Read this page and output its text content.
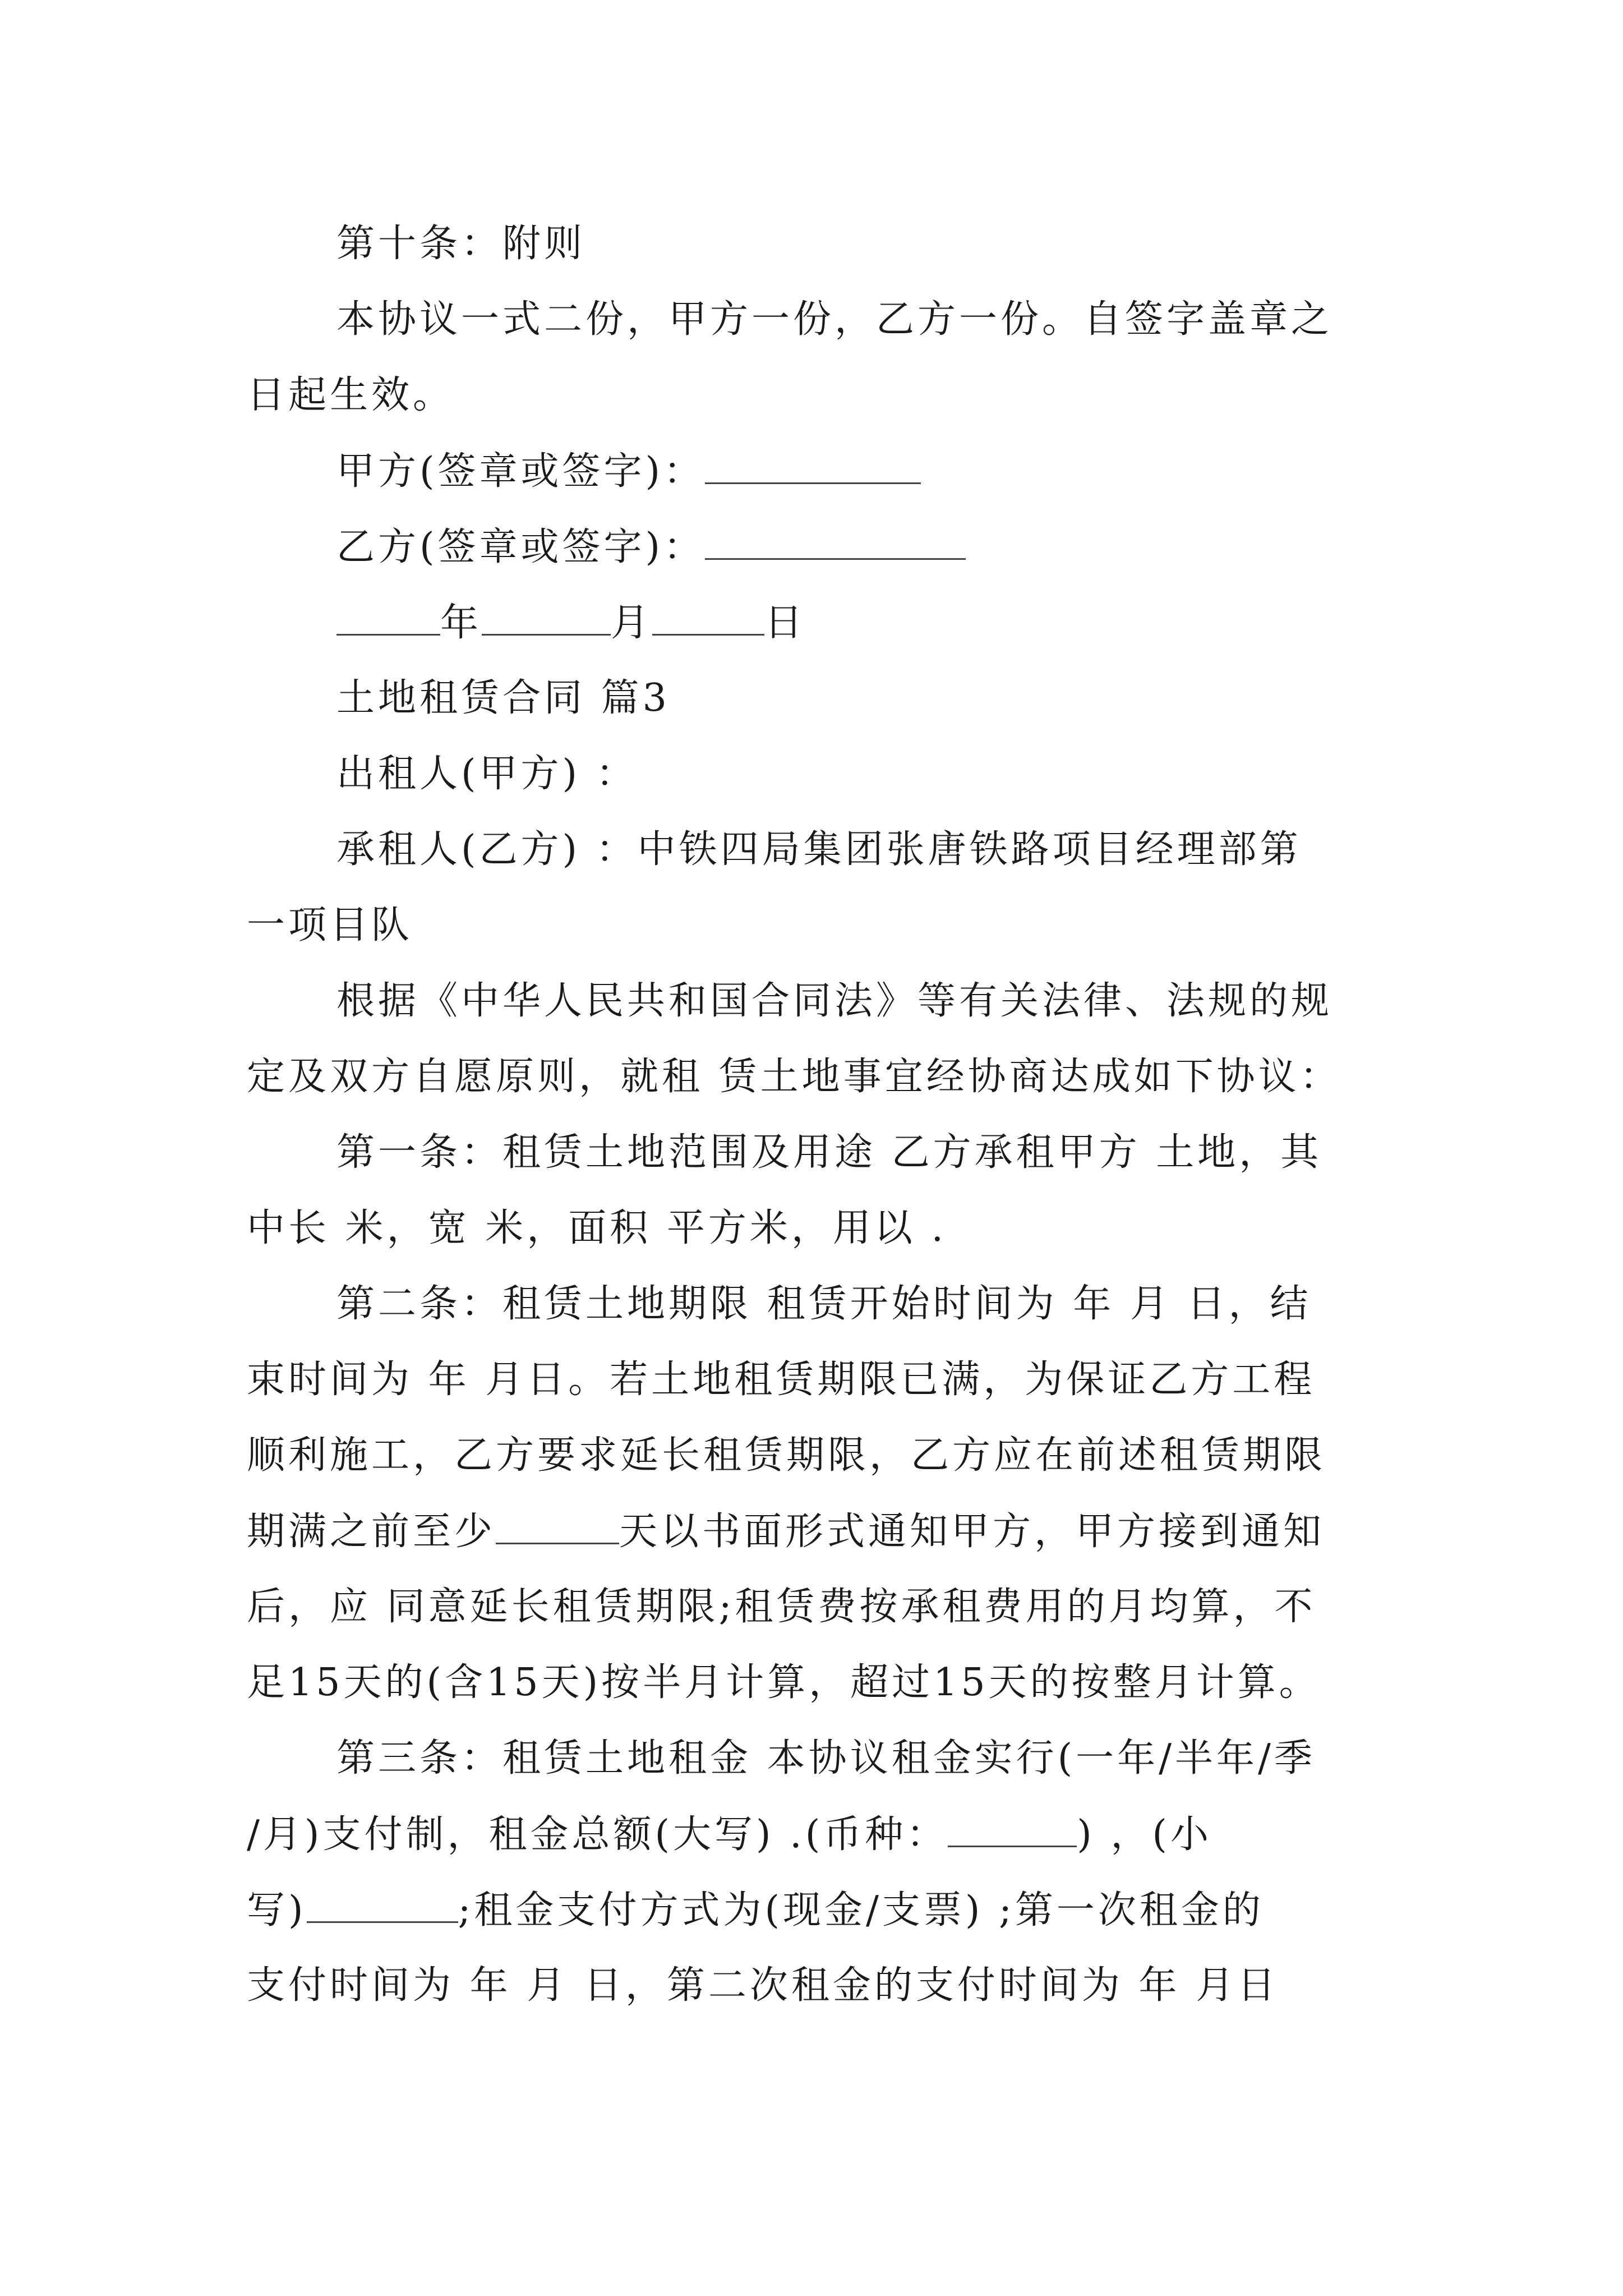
第十条：附则
本协议一式二份，甲方一份，乙方一份。自签字盖章之
日起生效。
甲方(签章或签字)：
乙方(签章或签字)：
年	月	日
土地租赁合同 篇3
出租人(甲方) ：
承租人(乙方) ：中铁四局集团张唐铁路项目经理部第
一项目队
根据《中华人民共和国合同法》等有关法律、法规的规
定及双方自愿原则，就租 赁土地事宜经协商达成如下协议：
第一条：租赁土地范围及用途 乙方承租甲方 土地，其
中长 米，宽 米，面积 平方米，用以 .
第二条：租赁土地期限 租赁开始时间为 年 月 日，结
束时间为 年 月日。若土地租赁期限已满，为保证乙方工程
顺利施工，乙方要求延长租赁期限，乙方应在前述租赁期限
期满之前至少	天以书面形式通知甲方，甲方接到通知
后，应 同意延长租赁期限;租赁费按承租费用的月均算，不
足15天的(含15天)按半月计算，超过15天的按整月计算。
第三条：租赁土地租金 本协议租金实行(一年/半年/季
/月)支付制，租金总额(大写) .(币种：	) ，(小
写)	;租金支付方式为(现金/支票) ;第一次租金的
支付时间为 年 月 日，第二次租金的支付时间为 年 月日
